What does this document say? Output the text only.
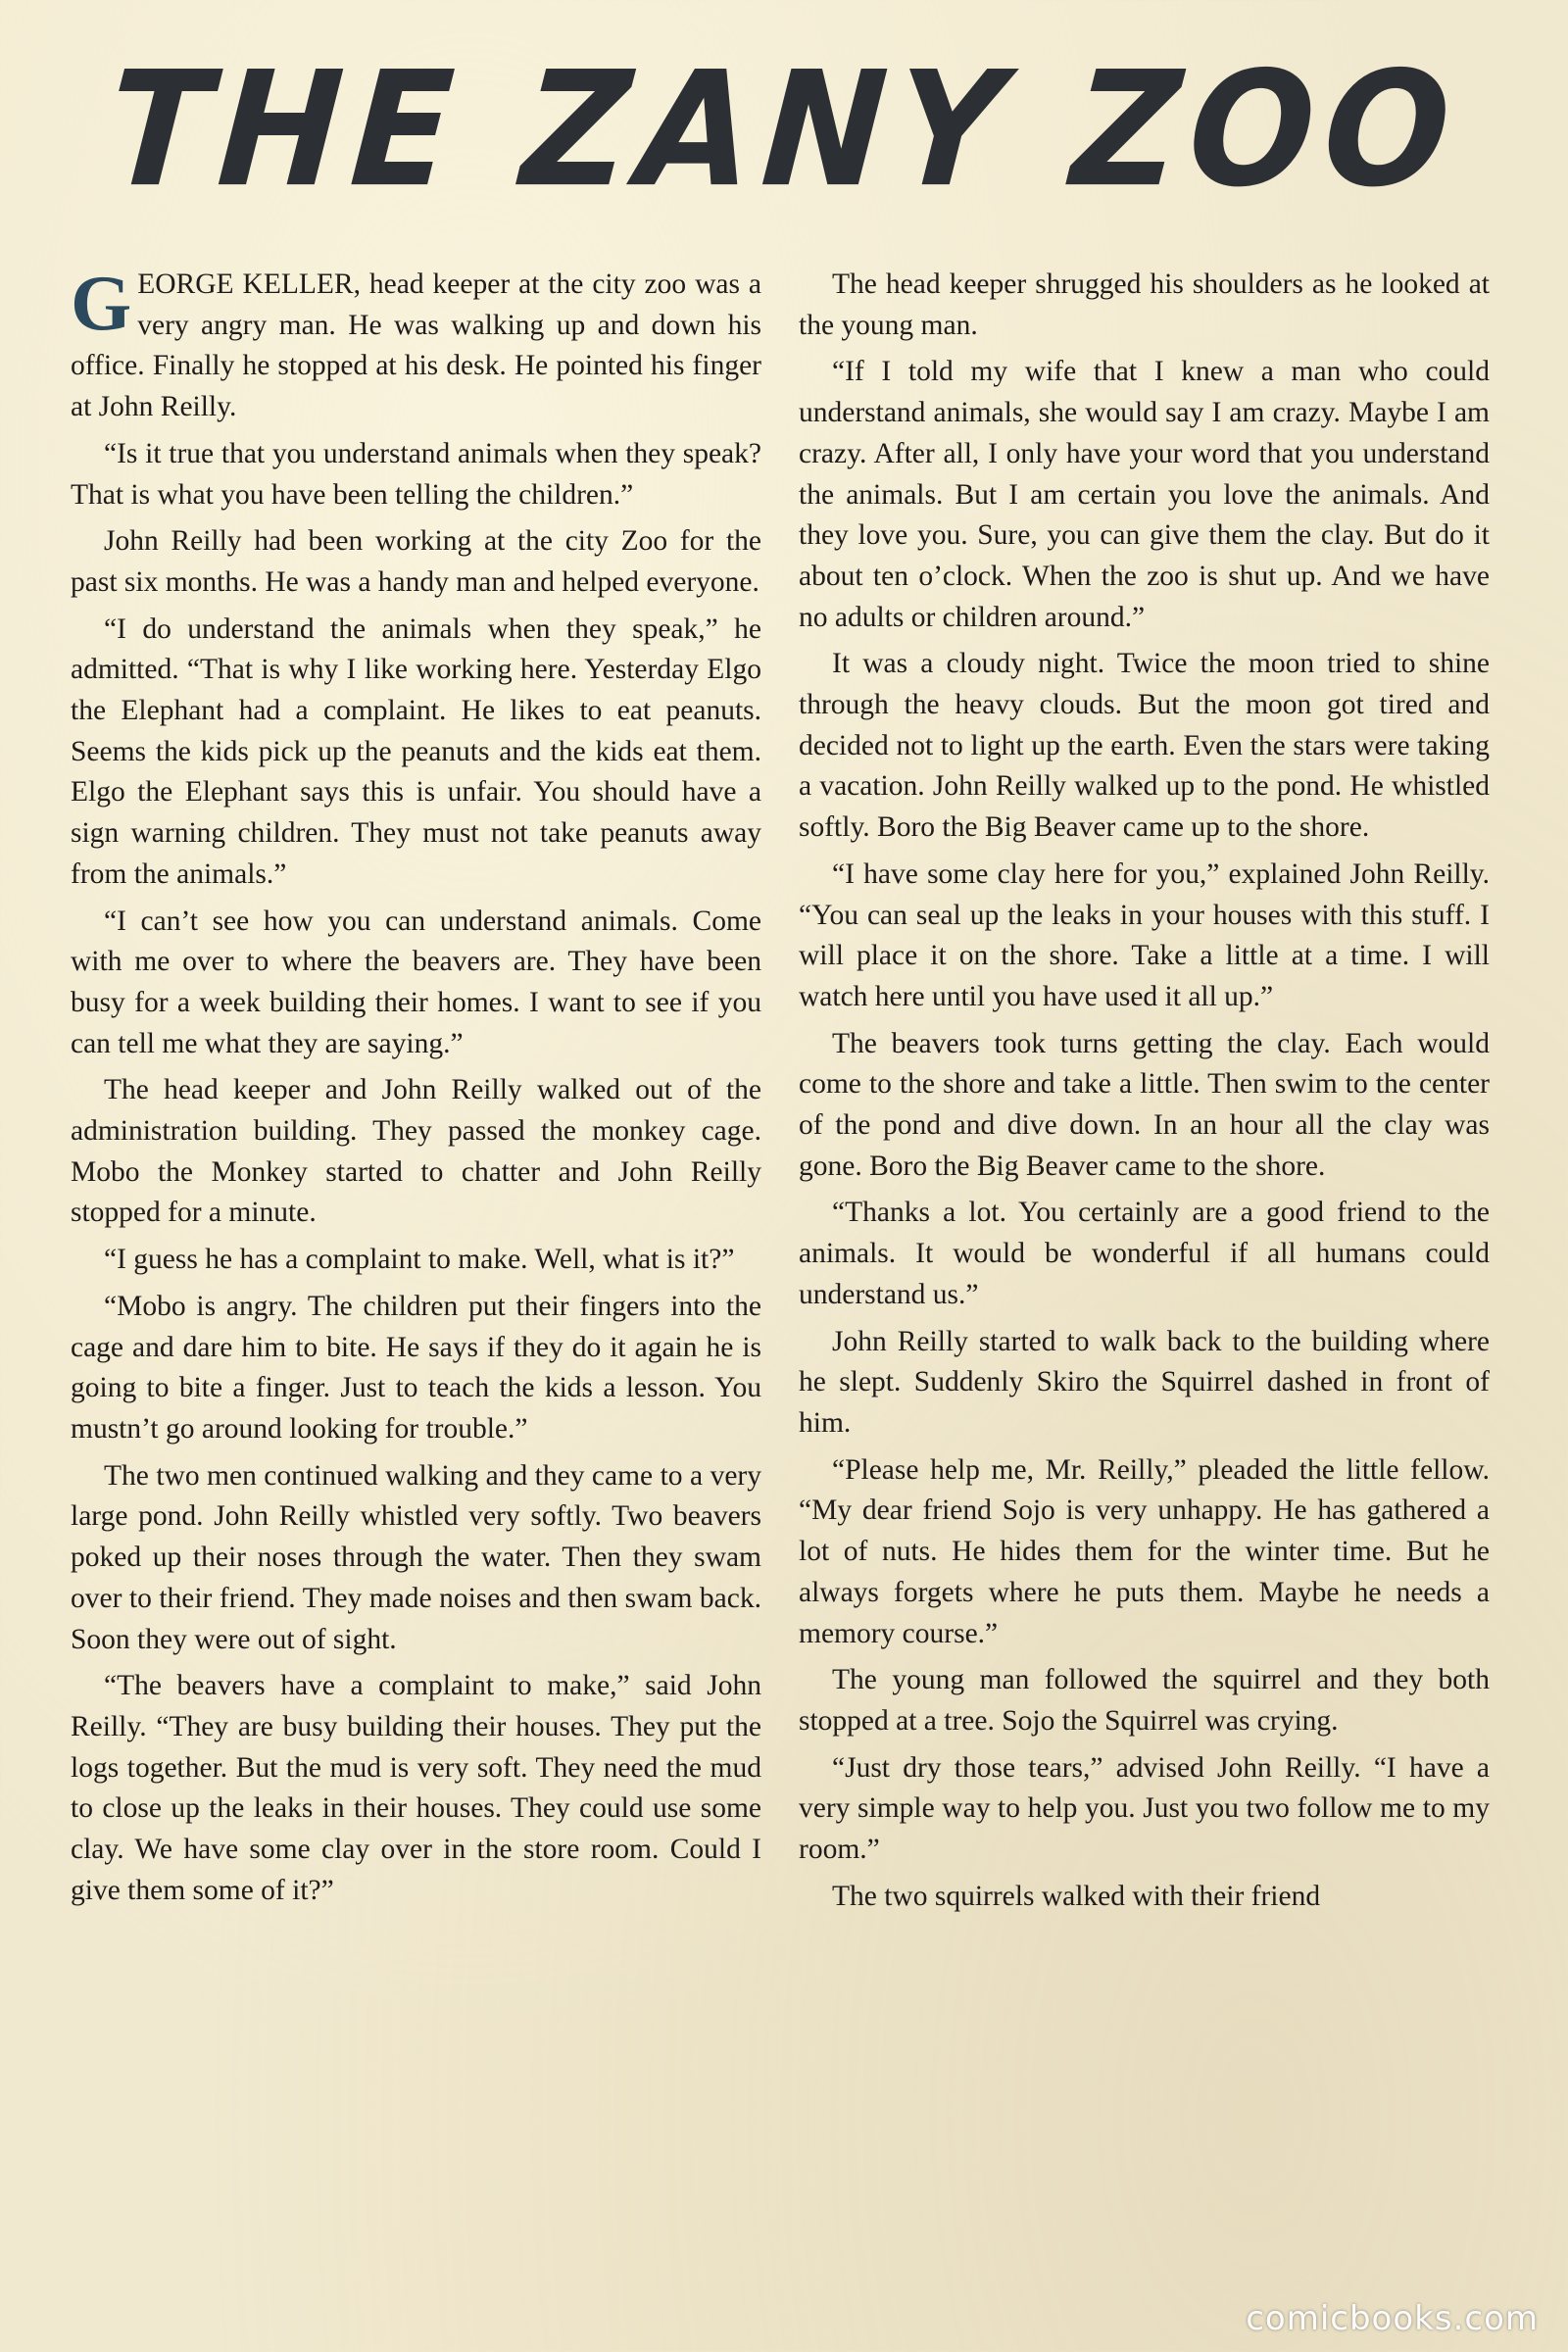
THE ZANY ZOO

GEORGE KELLER, head keeper at the city zoo was a very angry man. He was walking up and down his office. Finally he stopped at his desk. He pointed his finger at John Reilly.

“Is it true that you understand animals when they speak? That is what you have been telling the children.”

John Reilly had been working at the city Zoo for the past six months. He was a handy man and helped everyone.

“I do understand the animals when they speak,” he admitted. “That is why I like working here. Yesterday Elgo the Elephant had a complaint. He likes to eat peanuts. Seems the kids pick up the peanuts and the kids eat them. Elgo the Elephant says this is unfair. You should have a sign warning children. They must not take peanuts away from the animals.”

“I can’t see how you can understand animals. Come with me over to where the beavers are. They have been busy for a week building their homes. I want to see if you can tell me what they are saying.”

The head keeper and John Reilly walked out of the administration building. They passed the monkey cage. Mobo the Monkey started to chatter and John Reilly stopped for a minute.

“I guess he has a complaint to make. Well, what is it?”

“Mobo is angry. The children put their fingers into the cage and dare him to bite. He says if they do it again he is going to bite a finger. Just to teach the kids a lesson. You mustn’t go around looking for trouble.”

The two men continued walking and they came to a very large pond. John Reilly whistled very softly. Two beavers poked up their noses through the water. Then they swam over to their friend. They made noises and then swam back. Soon they were out of sight.

“The beavers have a complaint to make,” said John Reilly. “They are busy building their houses. They put the logs together. But the mud is very soft. They need the mud to close up the leaks in their houses. They could use some clay. We have some clay over in the store room. Could I give them some of it?”

The head keeper shrugged his shoulders as he looked at the young man.

“If I told my wife that I knew a man who could understand animals, she would say I am crazy. Maybe I am crazy. After all, I only have your word that you understand the animals. But I am certain you love the animals. And they love you. Sure, you can give them the clay. But do it about ten o’clock. When the zoo is shut up. And we have no adults or children around.”

It was a cloudy night. Twice the moon tried to shine through the heavy clouds. But the moon got tired and decided not to light up the earth. Even the stars were taking a vacation. John Reilly walked up to the pond. He whistled softly. Boro the Big Beaver came up to the shore.

“I have some clay here for you,” explained John Reilly. “You can seal up the leaks in your houses with this stuff. I will place it on the shore. Take a little at a time. I will watch here until you have used it all up.”

The beavers took turns getting the clay. Each would come to the shore and take a little. Then swim to the center of the pond and dive down. In an hour all the clay was gone. Boro the Big Beaver came to the shore.

“Thanks a lot. You certainly are a good friend to the animals. It would be wonderful if all humans could understand us.”

John Reilly started to walk back to the building where he slept. Suddenly Skiro the Squirrel dashed in front of him.

“Please help me, Mr. Reilly,” pleaded the little fellow. “My dear friend Sojo is very unhappy. He has gathered a lot of nuts. He hides them for the winter time. But he always forgets where he puts them. Maybe he needs a memory course.”

The young man followed the squirrel and they both stopped at a tree. Sojo the Squirrel was crying.

“Just dry those tears,” advised John Reilly. “I have a very simple way to help you. Just you two follow me to my room.”

The two squirrels walked with their friend

comicbooks.com
